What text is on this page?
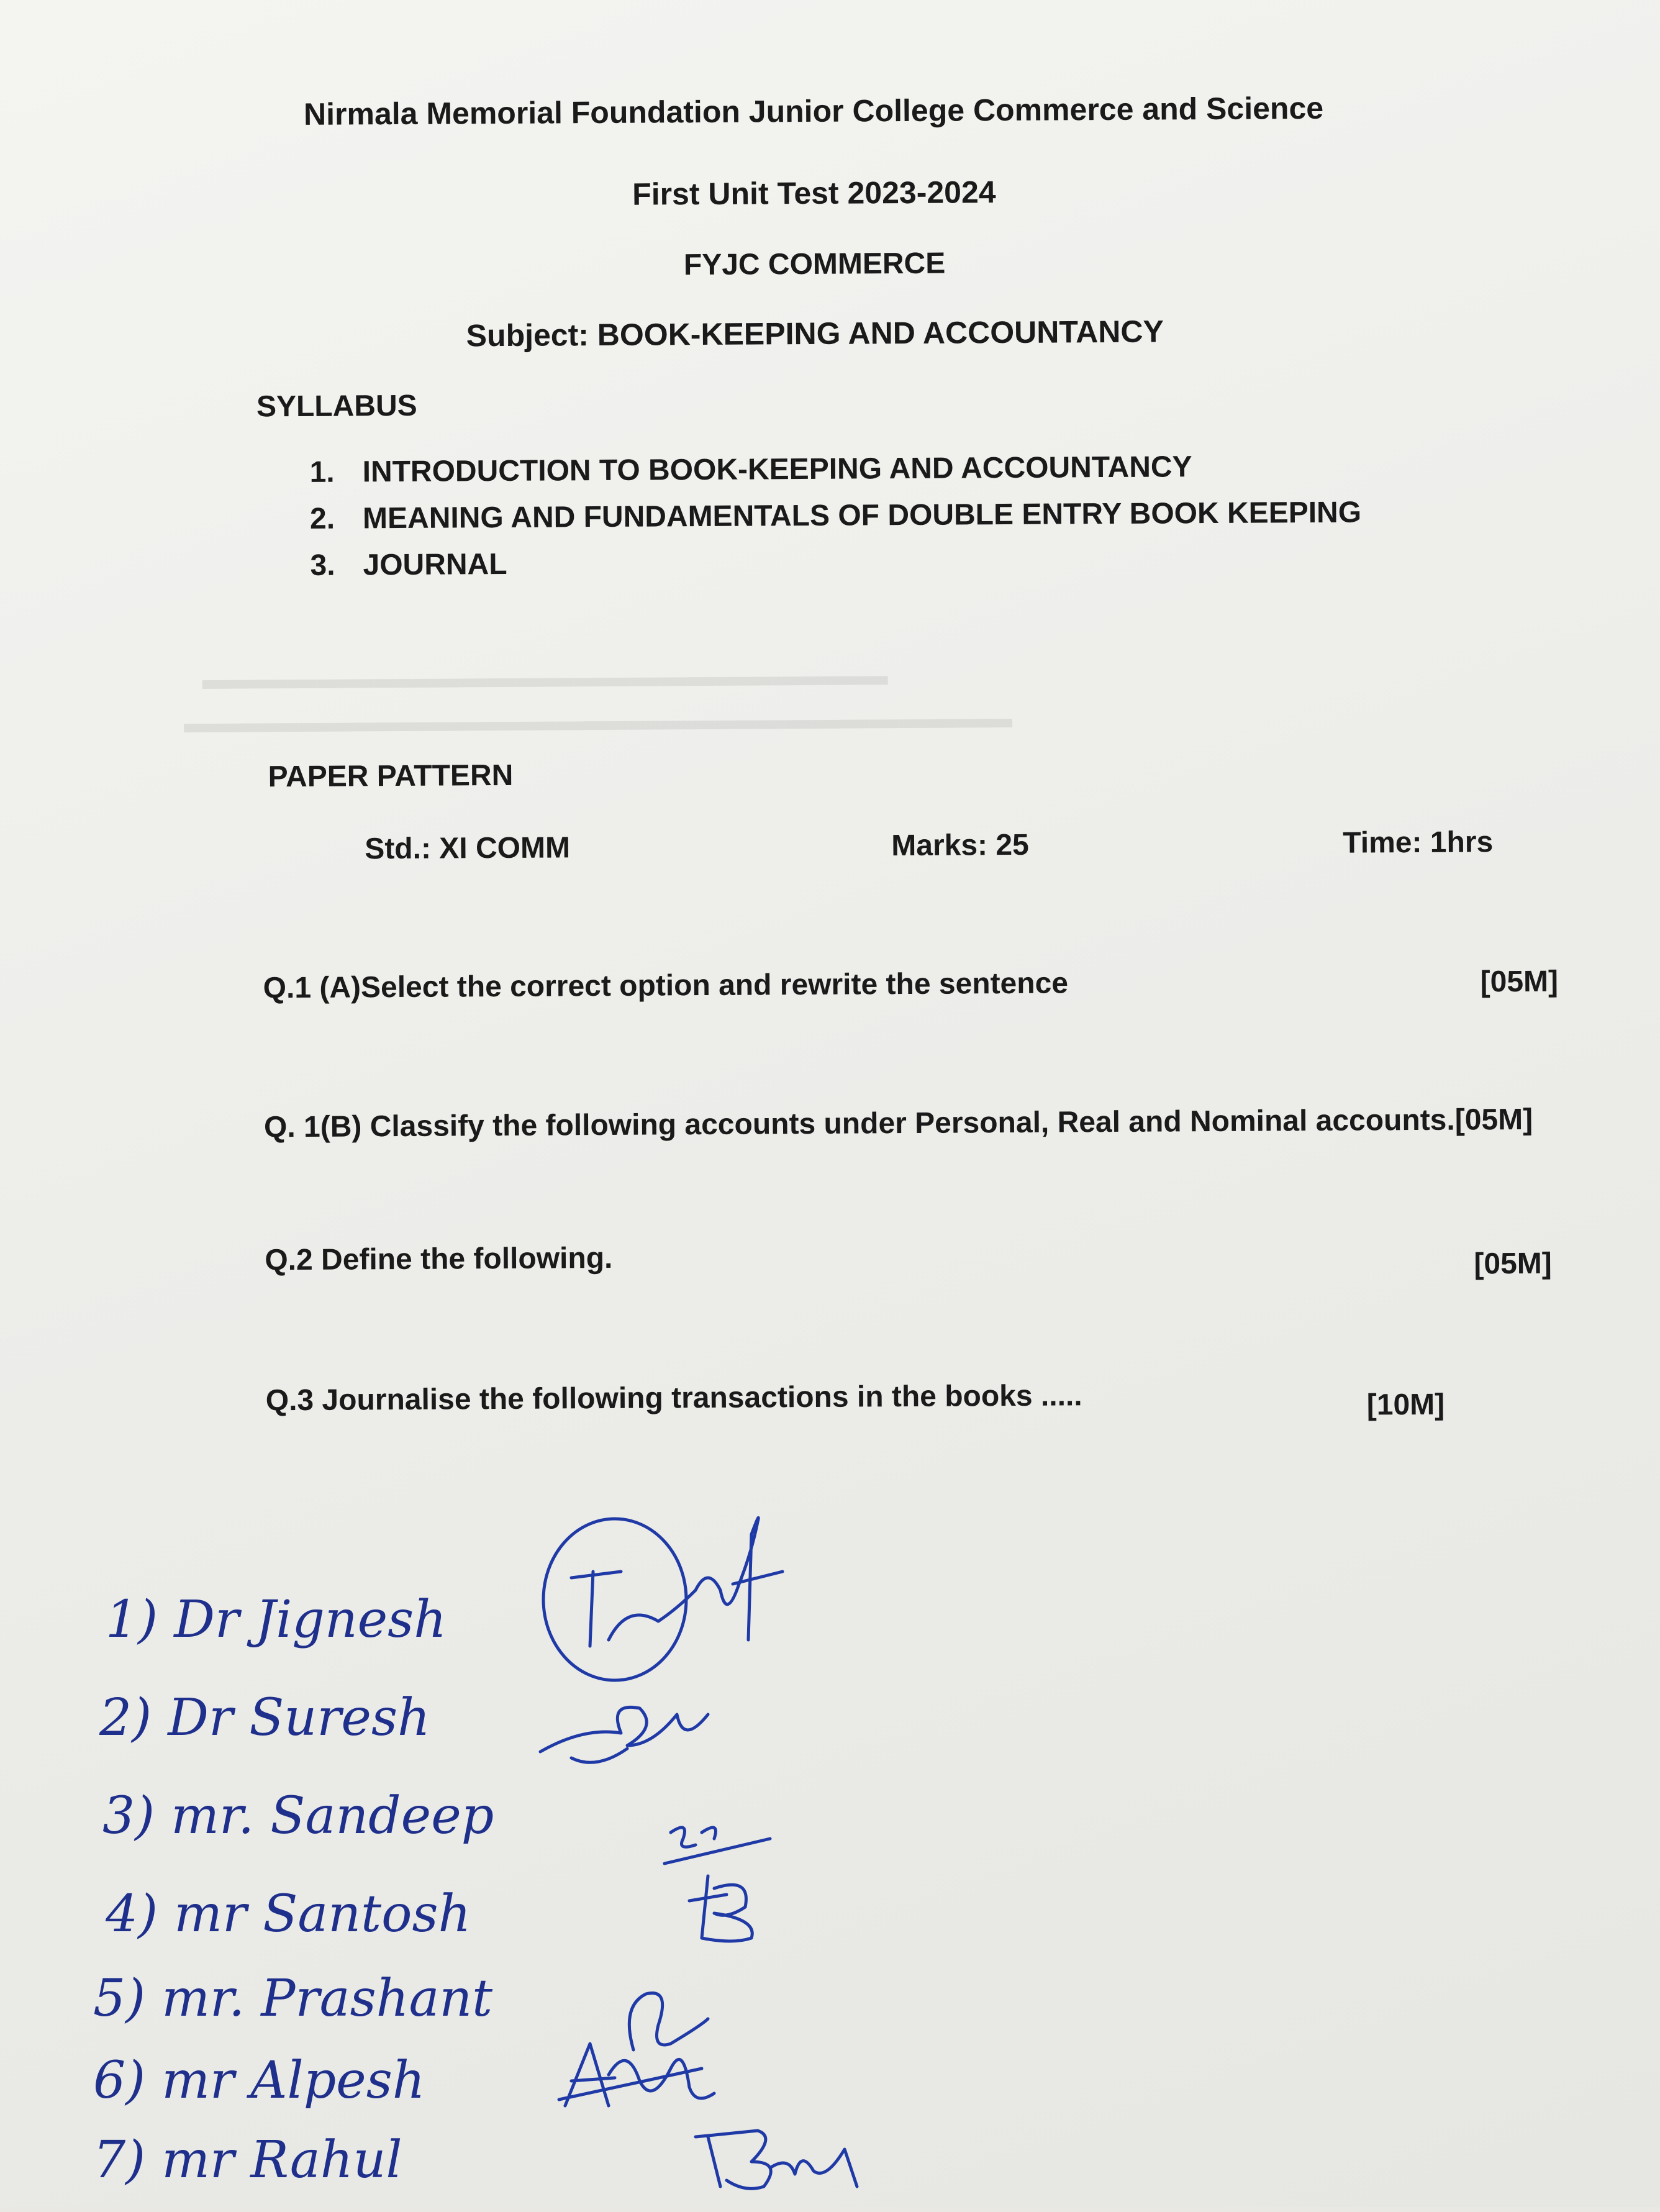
▬▬▬▬▬▬▬▬▬▬▬▬▬▬▬▬▬▬▬▬▬▬▬▬
▬▬▬▬▬▬▬▬▬▬▬▬▬▬▬▬▬▬▬▬▬▬▬▬▬▬▬▬▬
Nirmala Memorial Foundation Junior College Commerce and Science
First Unit Test 2023-2024
FYJC COMMERCE
Subject: BOOK-KEEPING AND ACCOUNTANCY
SYLLABUS
1. INTRODUCTION TO BOOK-KEEPING AND ACCOUNTANCY
2. MEANING AND FUNDAMENTALS OF DOUBLE ENTRY BOOK KEEPING
3. JOURNAL
PAPER PATTERN
Std.: XI COMM	Marks: 25	Time: 1hrs
Q.1 (A)Select the correct option and rewrite the sentence	[05M]
Q. 1(B) Classify the following accounts under Personal, Real and Nominal accounts.[05M]
Q.2 Define the following.	[05M]
Q.3 Journalise the following transactions in the books .....	[10M]
1) Dr Jignesh
2) Dr Suresh
3) mr. Sandeep
4) mr Santosh
5) mr. Prashant
6) mr Alpesh
7) mr Rahul
